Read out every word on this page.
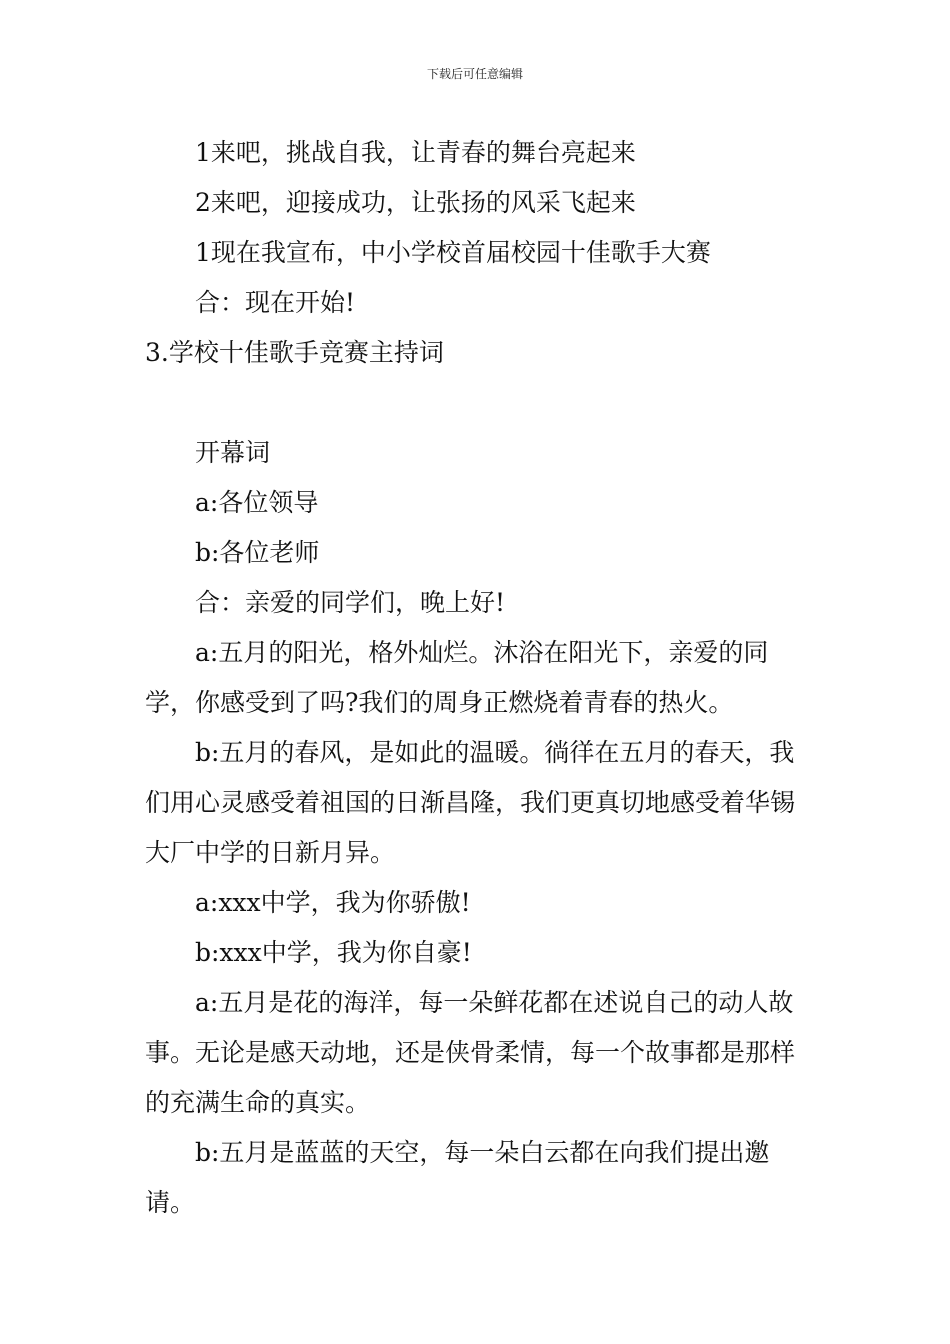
下载后可任意编辑

1来吧，挑战自我，让青春的舞台亮起来

2来吧，迎接成功，让张扬的风采飞起来

1现在我宣布，中小学校首届校园十佳歌手大赛

合：现在开始!

3.学校十佳歌手竞赛主持词

开幕词

a:各位领导

b:各位老师

合：亲爱的同学们，晚上好!

a:五月的阳光，格外灿烂。沐浴在阳光下，亲爱的同学，你感受到了吗?我们的周身正燃烧着青春的热火。

b:五月的春风，是如此的温暖。徜徉在五月的春天，我们用心灵感受着祖国的日渐昌隆，我们更真切地感受着华锡大厂中学的日新月异。

a:xxx中学，我为你骄傲!

b:xxx中学，我为你自豪!

a:五月是花的海洋，每一朵鲜花都在述说自己的动人故事。无论是感天动地，还是侠骨柔情，每一个故事都是那样的充满生命的真实。

b:五月是蓝蓝的天空，每一朵白云都在向我们提出邀请。
